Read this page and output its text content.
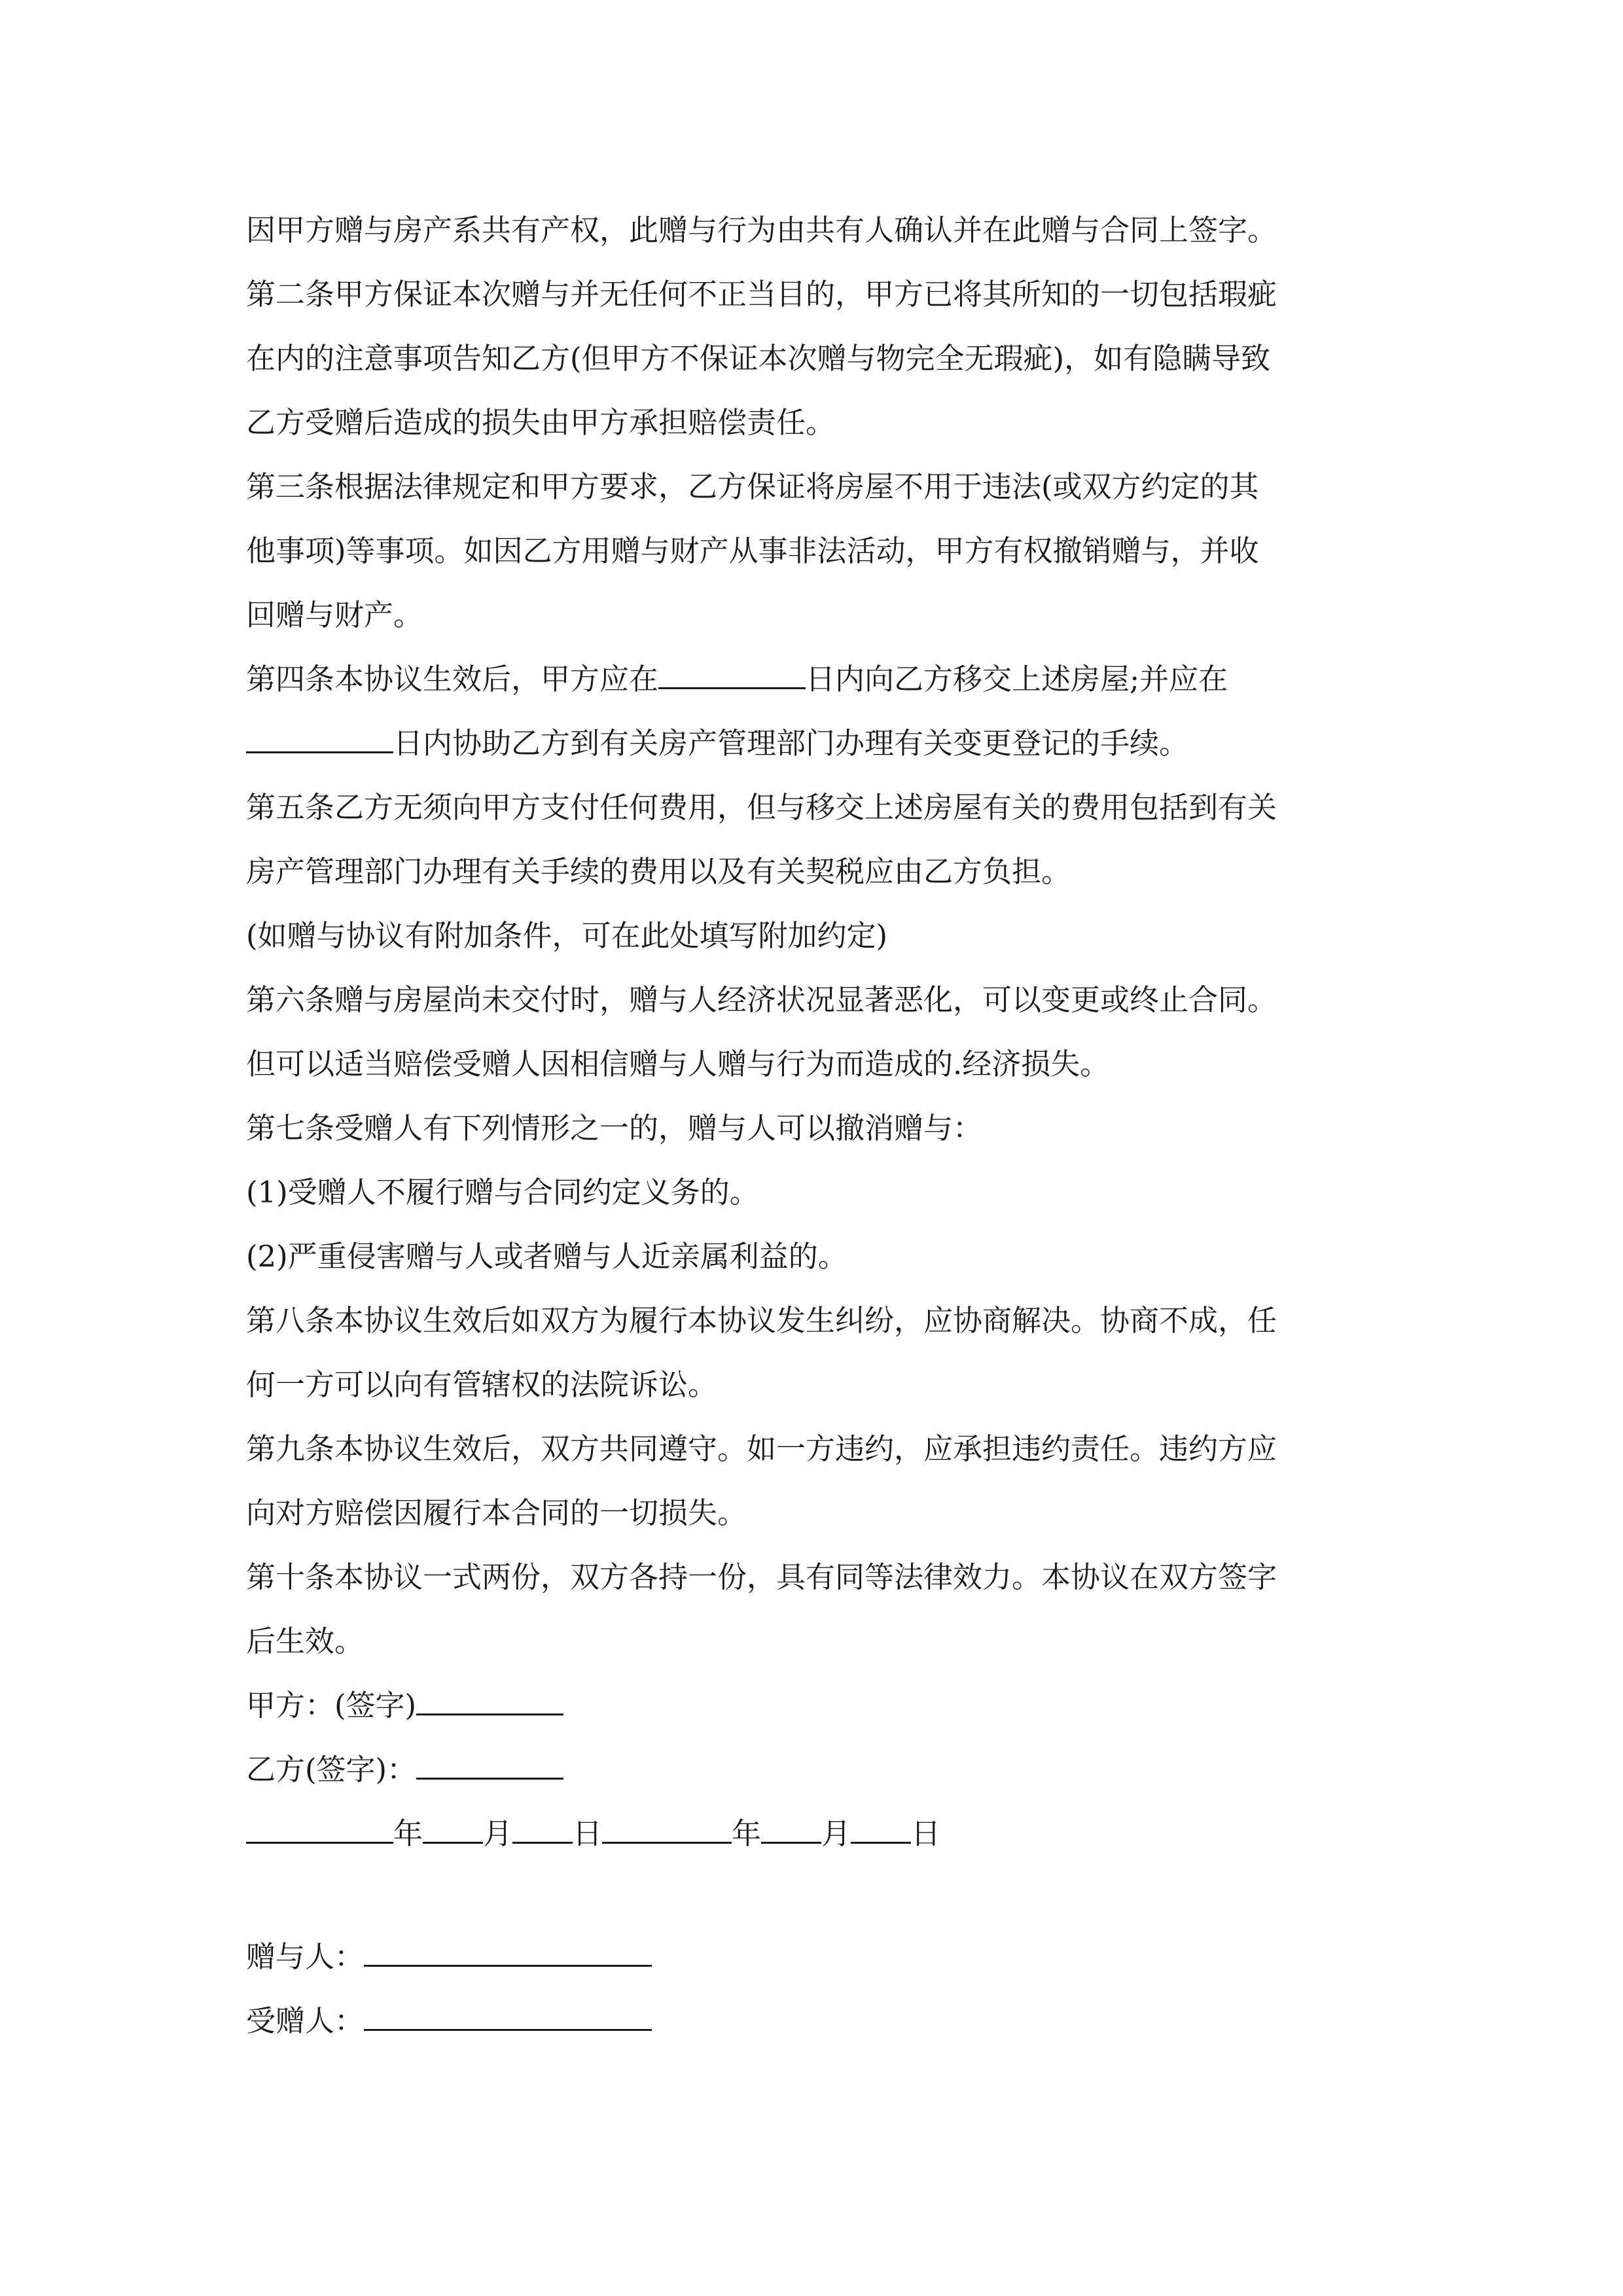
因甲方赠与房产系共有产权，此赠与行为由共有人确认并在此赠与合同上签字。
第二条甲方保证本次赠与并无任何不正当目的，甲方已将其所知的一切包括瑕疵
在内的注意事项告知乙方(但甲方不保证本次赠与物完全无瑕疵)，如有隐瞒导致
乙方受赠后造成的损失由甲方承担赔偿责任。
第三条根据法律规定和甲方要求，乙方保证将房屋不用于违法(或双方约定的其
他事项)等事项。如因乙方用赠与财产从事非法活动，甲方有权撤销赠与，并收
回赠与财产。
第四条本协议生效后，甲方应在	日内向乙方移交上述房屋;并应在
日内协助乙方到有关房产管理部门办理有关变更登记的手续。
第五条乙方无须向甲方支付任何费用，但与移交上述房屋有关的费用包括到有关
房产管理部门办理有关手续的费用以及有关契税应由乙方负担。
(如赠与协议有附加条件，可在此处填写附加约定)
第六条赠与房屋尚未交付时，赠与人经济状况显著恶化，可以变更或终止合同。
但可以适当赔偿受赠人因相信赠与人赠与行为而造成的.经济损失。
第七条受赠人有下列情形之一的，赠与人可以撤消赠与：
(1)受赠人不履行赠与合同约定义务的。
(2)严重侵害赠与人或者赠与人近亲属利益的。
第八条本协议生效后如双方为履行本协议发生纠纷，应协商解决。协商不成，任
何一方可以向有管辖权的法院诉讼。
第九条本协议生效后，双方共同遵守。如一方违约，应承担违约责任。违约方应
向对方赔偿因履行本合同的一切损失。
第十条本协议一式两份，双方各持一份，具有同等法律效力。本协议在双方签字
后生效。
甲方：(签字)
乙方(签字)：
年 月 日	年 月 日
赠与人：
受赠人：
